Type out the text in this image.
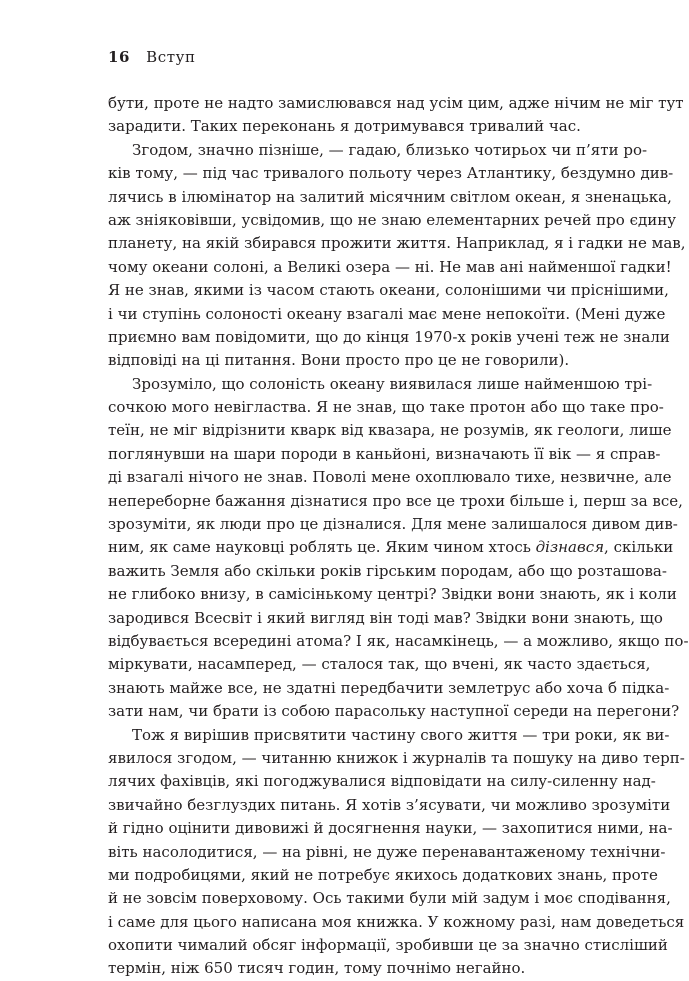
16 Вступ
бути, проте не надто замислювався над усім цим, адже нічим не міг тут
зарадити. Таких переконань я дотримувався тривалий час.
Згодом, значно пізніше, — гадаю, близько чотирьох чи п’яти ро-
ків тому, — під час тривалого польоту через Атлантику, бездумно див-
лячись в ілюмінатор на залитий місячним світлом океан, я зненацька,
аж зніяковівши, усвідомив, що не знаю елементарних речей про єдину
планету, на якій збирався прожити життя. Наприклад, я і гадки не мав,
чому океани солоні, а Великі озера — ні. Не мав ані найменшої гадки!
Я не знав, якими із часом стають океани, солонішими чи пріснішими,
і чи ступінь солоності океану взагалі має мене непокоїти. (Мені дуже
приємно вам повідомити, що до кінця 1970-х років учені теж не знали
відповіді на ці питання. Вони просто про це не говорили).
Зрозуміло, що солоність океану виявилася лише найменшою трі-
сочкою мого невігластва. Я не знав, що таке протон або що таке про-
теїн, не міг відрізнити кварк від квазара, не розумів, як геологи, лише
поглянувши на шари породи в каньйоні, визначають її вік — я справ-
ді взагалі нічого не знав. Поволі мене охоплювало тихе, незвичне, але
непереборне бажання дізнатися про все це трохи більше і, перш за все,
зрозуміти, як люди про це дізналися. Для мене залишалося дивом див-
ним, як саме науковці роблять це. Яким чином хтось дізнався, скільки
важить Земля або скільки років гірським породам, або що розташова-
не глибоко внизу, в самісінькому центрі? Звідки вони знають, як і коли
зародився Всесвіт і який вигляд він тоді мав? Звідки вони знають, що
відбувається всередині атома? І як, насамкінець, — а можливо, якщо по-
міркувати, насамперед, — сталося так, що вчені, як часто здається,
знають майже все, не здатні передбачити землетрус або хоча б підка-
зати нам, чи брати із собою парасольку наступної середи на перегони?
Тож я вирішив присвятити частину свого життя — три роки, як ви-
явилося згодом, — читанню книжок і журналів та пошуку на диво терп-
лячих фахівців, які погоджувалися відповідати на силу-силенну над-
звичайно безглуздих питань. Я хотів з’ясувати, чи можливо зрозуміти
й гідно оцінити дивовижі й досягнення науки, — захопитися ними, на-
віть насолодитися, — на рівні, не дуже перенавантаженому технічни-
ми подробицями, який не потребує якихось додаткових знань, проте
й не зовсім поверховому. Ось такими були мій задум і моє сподівання,
і саме для цього написана моя книжка. У кожному разі, нам доведеться
охопити чималий обсяг інформації, зробивши це за значно стисліший
термін, ніж 650 тисяч годин, тому почнімо негайно.
